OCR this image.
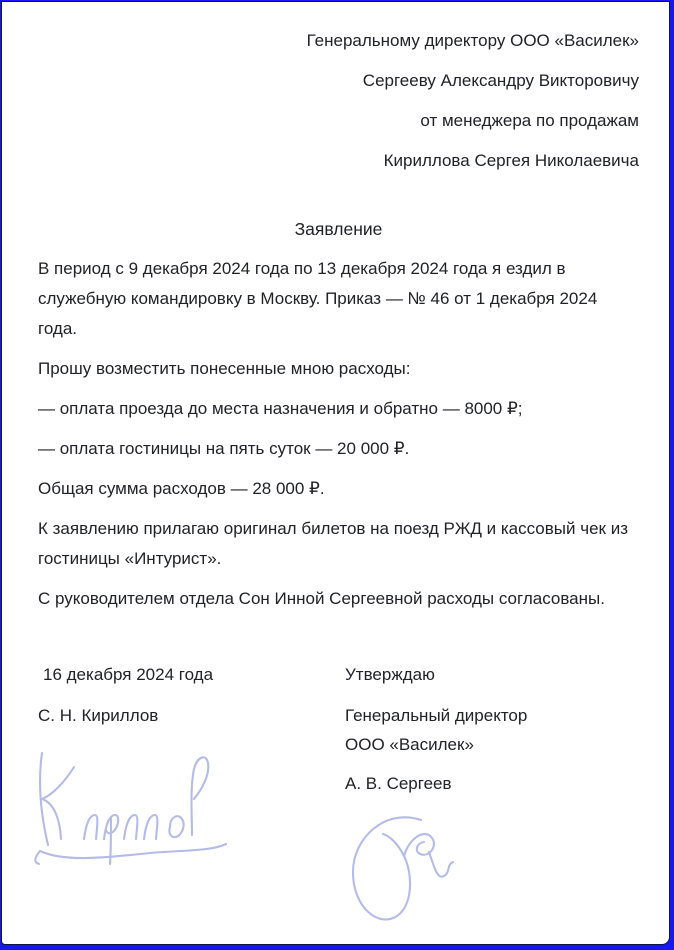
Генеральному директору ООО «Василек»
Сергееву Александру Викторовичу
от менеджера по продажам
Кириллова Сергея Николаевича
Заявление

В период с 9 декабря 2024 года по 13 декабря 2024 года я ездил в служебную командировку в Москву. Приказ — № 46 от 1 декабря 2024 года.

Прошу возместить понесенные мною расходы:

— оплата проезда до места назначения и обратно — 8000 ₽;

— оплата гостиницы на пять суток — 20 000 ₽.

Общая сумма расходов — 28 000 ₽.

К заявлению прилагаю оригинал билетов на поезд РЖД и кассовый чек из гостиницы «Интурист».

С руководителем отдела Сон Инной Сергеевной расходы согласованы.

16 декабря 2024 года
С. Н. Кириллов
Утверждаю
Генеральный директор
ООО «Василек»
А. В. Сергеев
